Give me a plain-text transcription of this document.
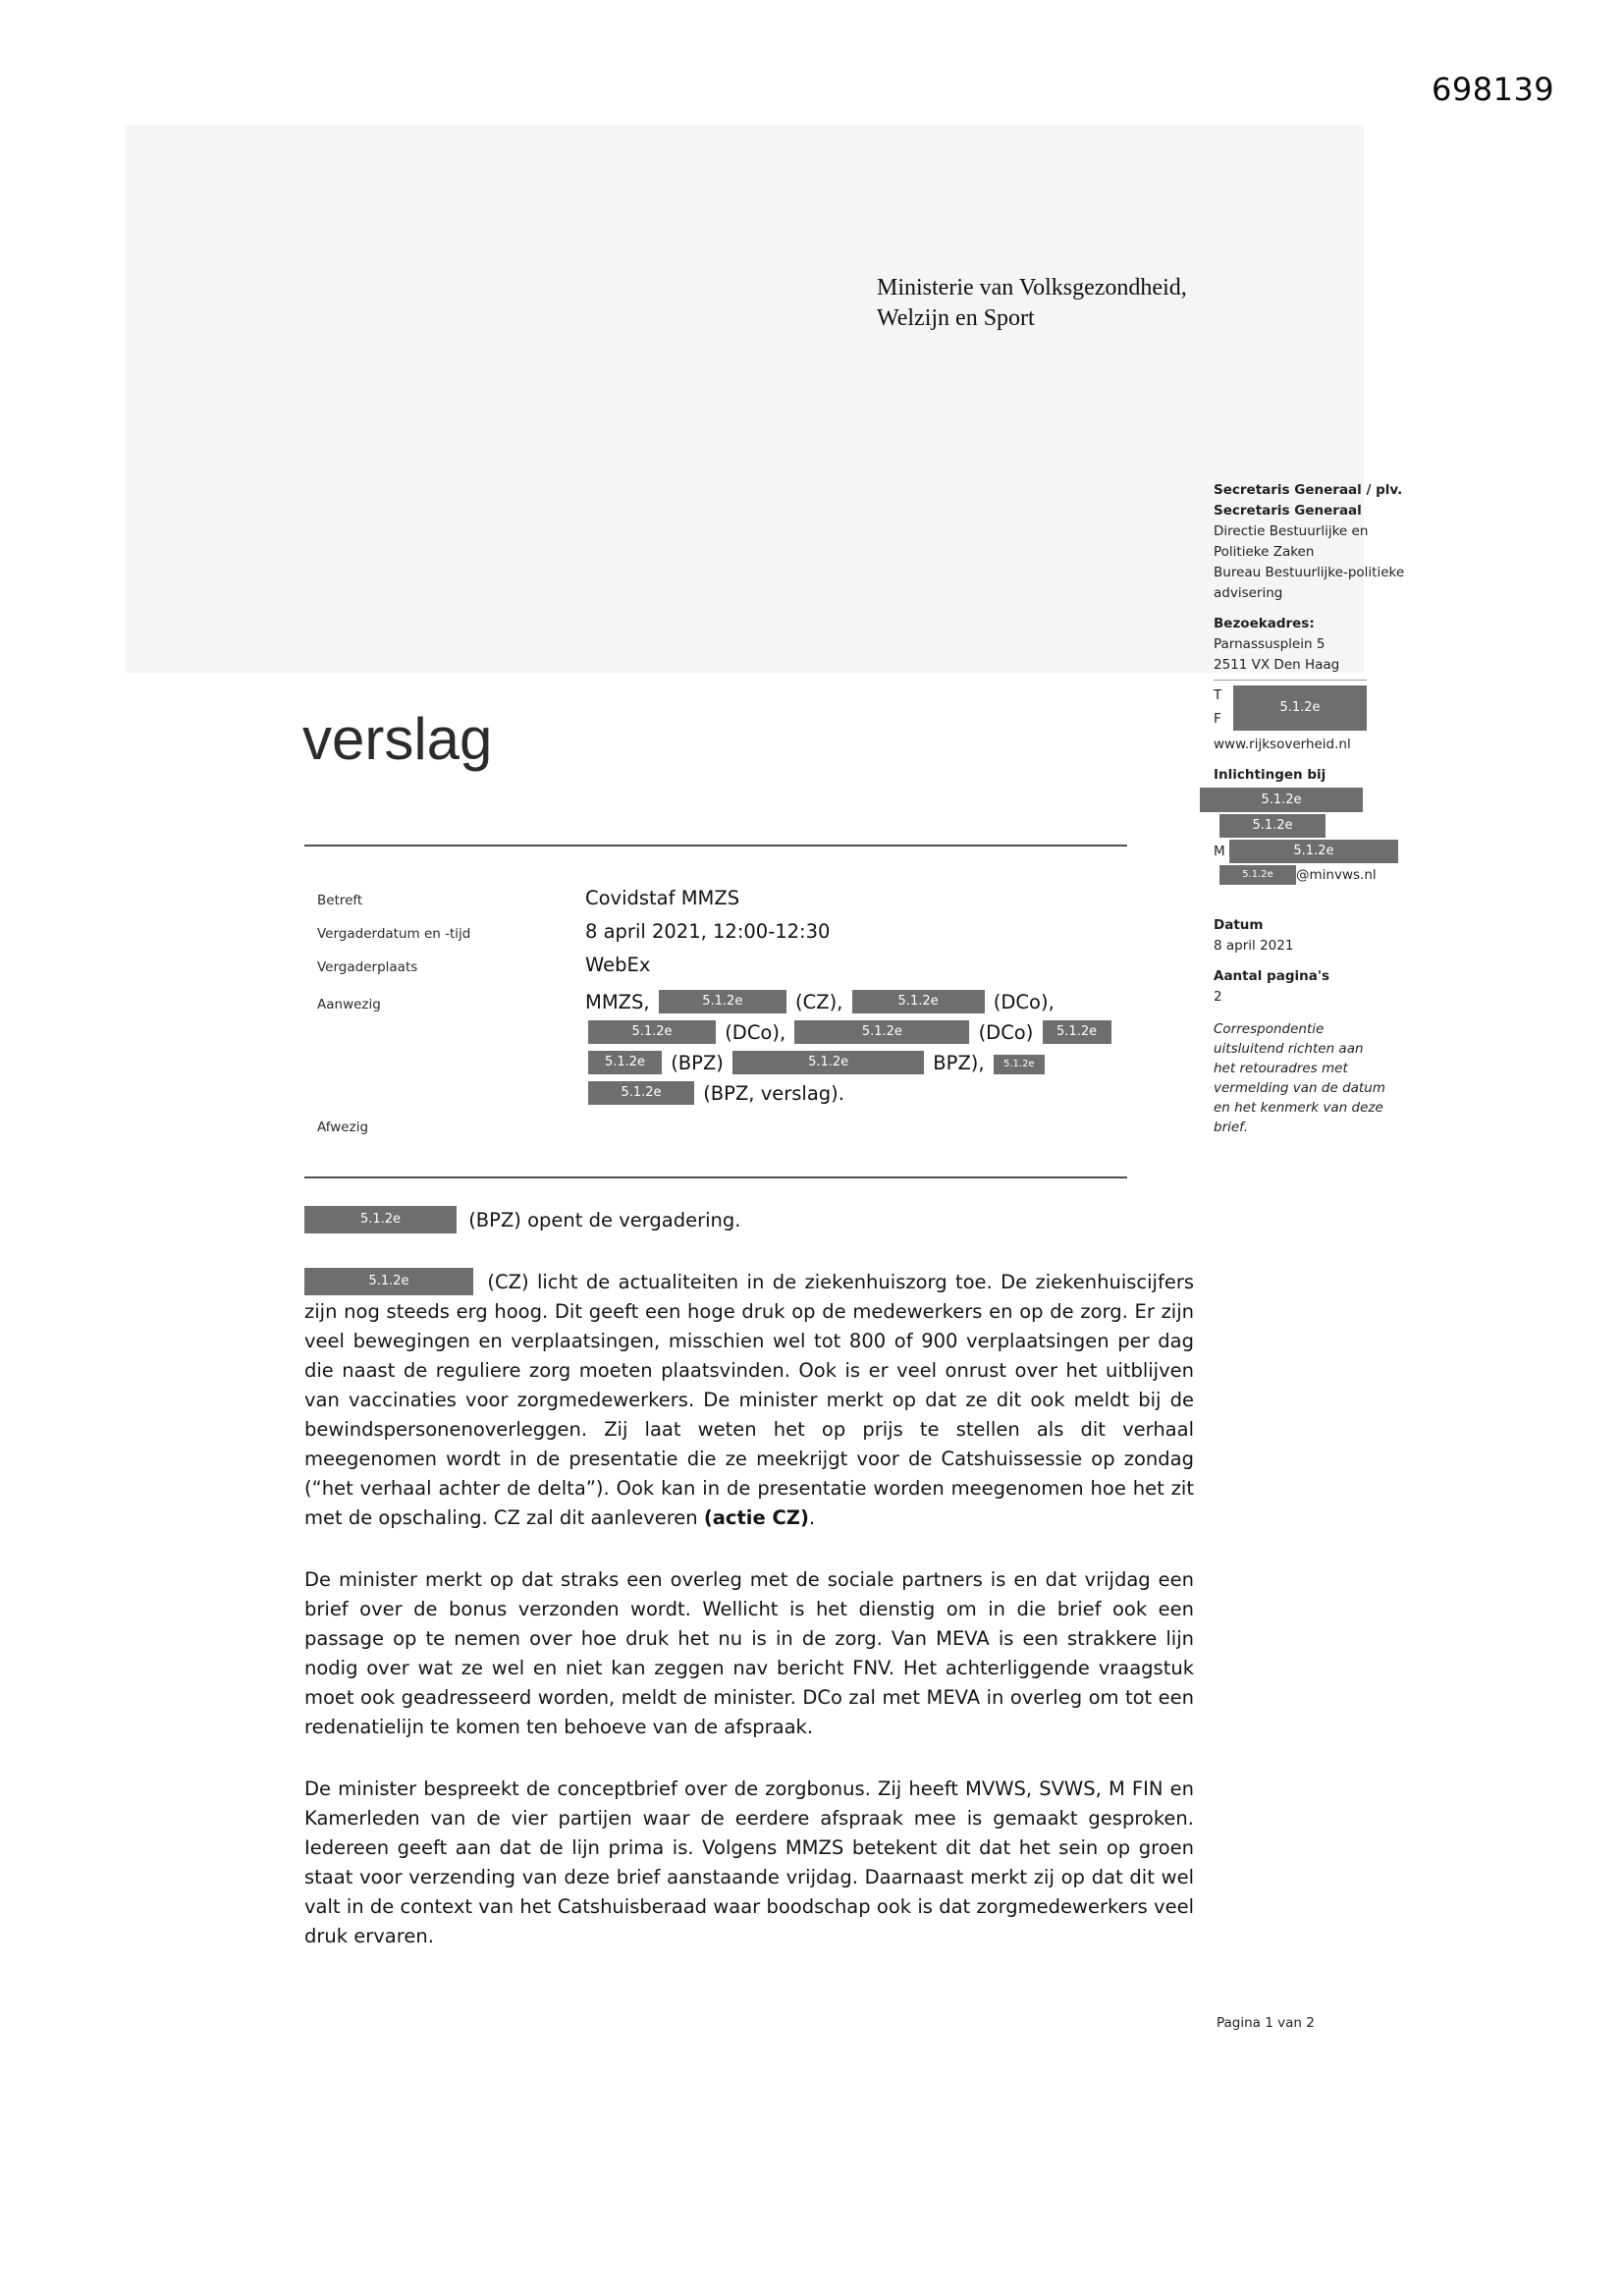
698139
Ministerie van Volksgezondheid,
Welzijn en Sport
verslag
Betreft	Covidstaf MMZS
Vergaderdatum en -tijd	8 april 2021, 12:00-12:30
Vergaderplaats	WebEx
Aanwezig	MMZS,	5.1.2e (CZ),	5.1.2e	(DCo),
5.1.2e (DCo),	5.1.2e	(DCo) 5.1.2e
5.1.2e (BPZ)	5.1.2e	BPZ), 5.1.2e
5.1.2e (BPZ, verslag).
Afwezig

5.1.2e	(BPZ) opent de vergadering.

5.1.2e	(CZ) licht de actualiteiten in de ziekenhuiszorg toe. De ziekenhuiscijfers zijn nog steeds erg hoog. Dit geeft een hoge druk op de medewerkers en op de zorg. Er zijn veel bewegingen en verplaatsingen, misschien wel tot 800 of 900 verplaatsingen per dag die naast de reguliere zorg moeten plaatsvinden. Ook is er veel onrust over het uitblijven van vaccinaties voor zorgmedewerkers. De minister merkt op dat ze dit ook meldt bij de bewindspersonenoverleggen. Zij laat weten het op prijs te stellen als dit verhaal meegenomen wordt in de presentatie die ze meekrijgt voor de Catshuissessie op zondag (“het verhaal achter de delta”). Ook kan in de presentatie worden meegenomen hoe het zit met de opschaling. CZ zal dit aanleveren (actie CZ).

De minister merkt op dat straks een overleg met de sociale partners is en dat vrijdag een brief over de bonus verzonden wordt. Wellicht is het dienstig om in die brief ook een passage op te nemen over hoe druk het nu is in de zorg. Van MEVA is een strakkere lijn nodig over wat ze wel en niet kan zeggen nav bericht FNV. Het achterliggende vraagstuk moet ook geadresseerd worden, meldt de minister. DCo zal met MEVA in overleg om tot een redenatielijn te komen ten behoeve van de afspraak.

De minister bespreekt de conceptbrief over de zorgbonus. Zij heeft MVWS, SVWS, M FIN en Kamerleden van de vier partijen waar de eerdere afspraak mee is gemaakt gesproken. Iedereen geeft aan dat de lijn prima is. Volgens MMZS betekent dit dat het sein op groen staat voor verzending van deze brief aanstaande vrijdag. Daarnaast merkt zij op dat dit wel valt in de context van het Catshuisberaad waar boodschap ook is dat zorgmedewerkers veel druk ervaren.

Secretaris Generaal / plv.
Secretaris Generaal
Directie Bestuurlijke en
Politieke Zaken
Bureau Bestuurlijke-politieke
advisering
Bezoekadres:
Parnassusplein 5
2511 VX Den Haag
T
F
5.1.2e
www.rijksoverheid.nl
Inlichtingen bij
5.1.2e
5.1.2e
M	5.1.2e
5.1.2e @minvws.nl
Datum
8 april 2021
Aantal pagina's
2
Correspondentie uitsluitend richten aan het retouradres met vermelding van de datum en het kenmerk van deze brief.
Pagina 1 van 2
